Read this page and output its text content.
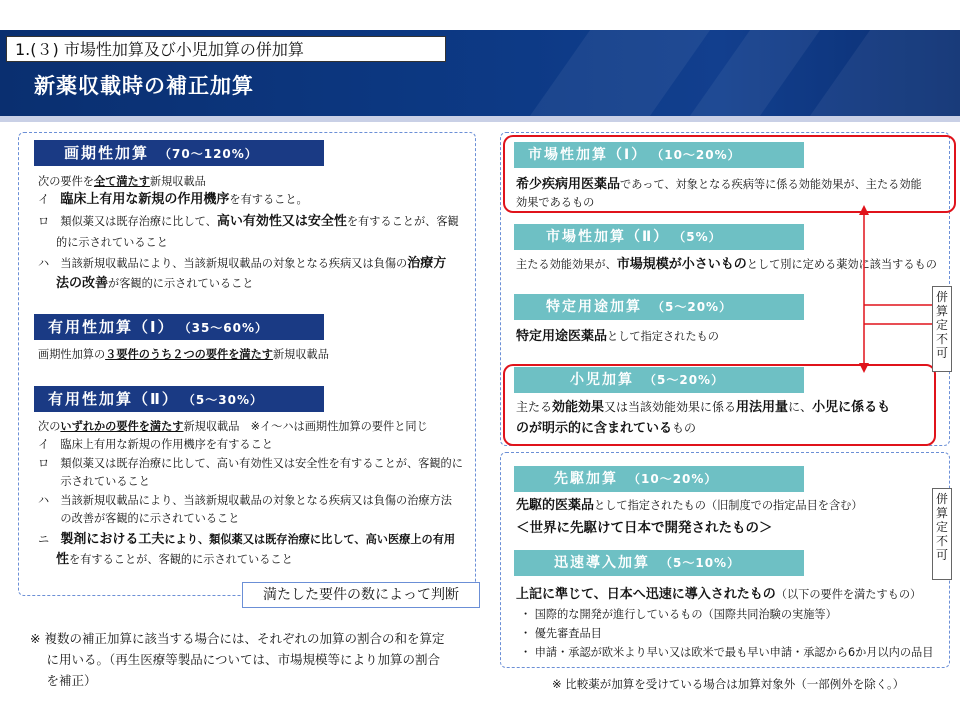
1.(３) 市場性加算及び小児加算の併加算
新薬収載時の補正加算
画期性加算 （70～120%）
次の要件を全て満たす新規収載品
イ　 臨床上有用な新規の作用機序を有すること。
ロ　 類似薬又は既存治療に比して、高い有効性又は安全性を有することが、客観
的に示されていること
ハ　 当該新規収載品により、当該新規収載品の対象となる疾病又は負傷の治療方
法の改善が客観的に示されていること
有用性加算（Ⅰ） （35～60%）
画期性加算の３要件のうち２つの要件を満たす新規収載品
有用性加算（Ⅱ） （5～30%）
次のいずれかの要件を満たす新規収載品　※イ～ハは画期性加算の要件と同じ
イ　臨床上有用な新規の作用機序を有すること
ロ　類似薬又は既存治療に比して、高い有効性又は安全性を有することが、客観的に
　　示されていること
ハ　当該新規収載品により、当該新規収載品の対象となる疾病又は負傷の治療方法
　　の改善が客観的に示されていること
ニ　 製剤における工夫により、類似薬又は既存治療に比して、高い医療上の有用
性を有することが、客観的に示されていること
満たした要件の数によって判断
※ 複数の補正加算に該当する場合には、それぞれの加算の割合の和を算定
　 に用いる。（再生医療等製品については、市場規模等により加算の割合
　 を補正）
市場性加算（Ⅰ） （10～20%）
希少疾病用医薬品であって、対象となる疾病等に係る効能効果が、主たる効能
効果であるもの
市場性加算（Ⅱ） （5%）
主たる効能効果が、市場規模が小さいものとして別に定める薬効に該当するもの
特定用途加算 （5～20%）
特定用途医薬品として指定されたもの
小児加算 （5～20%）
主たる効能効果又は当該効能効果に係る用法用量に、小児に係るも
のが明示的に含まれているもの
併
算
定
不
可
先駆加算 （10～20%）
先駆的医薬品として指定されたもの（旧制度での指定品目を含む）
＜世界に先駆けて日本で開発されたもの＞
迅速導入加算 （5～10%）
上記に準じて、日本へ迅速に導入されたもの（以下の要件を満たすもの）
・ 国際的な開発が進行しているもの（国際共同治験の実施等）
・ 優先審査品目
・ 申請・承認が欧米より早い又は欧米で最も早い申請・承認から6か月以内の品目
併
算
定
不
可
※ 比較薬が加算を受けている場合は加算対象外（一部例外を除く。）
